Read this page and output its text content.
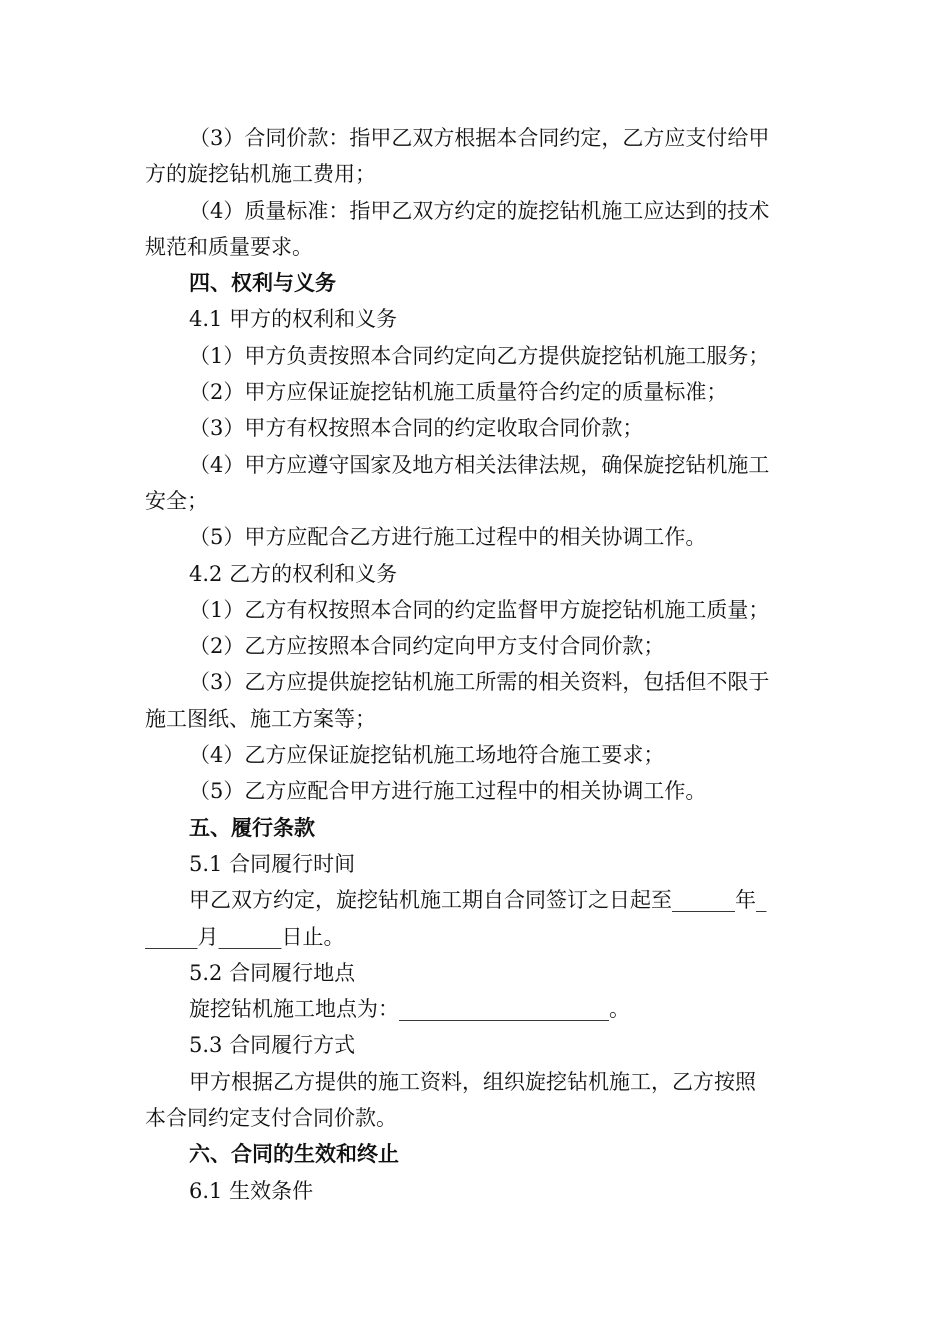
（3）合同价款：指甲乙双方根据本合同约定，乙方应支付给甲

方的旋挖钻机施工费用；

（4）质量标准：指甲乙双方约定的旋挖钻机施工应达到的技术

规范和质量要求。

四、权利与义务

4.1 甲方的权利和义务

（1）甲方负责按照本合同约定向乙方提供旋挖钻机施工服务；

（2）甲方应保证旋挖钻机施工质量符合约定的质量标准；

（3）甲方有权按照本合同的约定收取合同价款；

（4）甲方应遵守国家及地方相关法律法规，确保旋挖钻机施工

安全；

（5）甲方应配合乙方进行施工过程中的相关协调工作。

4.2 乙方的权利和义务

（1）乙方有权按照本合同的约定监督甲方旋挖钻机施工质量；

（2）乙方应按照本合同约定向甲方支付合同价款；

（3）乙方应提供旋挖钻机施工所需的相关资料，包括但不限于

施工图纸、施工方案等；

（4）乙方应保证旋挖钻机施工场地符合施工要求；

（5）乙方应配合甲方进行施工过程中的相关协调工作。

五、履行条款

5.1 合同履行时间

甲乙双方约定，旋挖钻机施工期自合同签订之日起至______年_

_____月______日止。

5.2 合同履行地点

旋挖钻机施工地点为：____________________。

5.3 合同履行方式

甲方根据乙方提供的施工资料，组织旋挖钻机施工，乙方按照

本合同约定支付合同价款。

六、合同的生效和终止

6.1 生效条件
